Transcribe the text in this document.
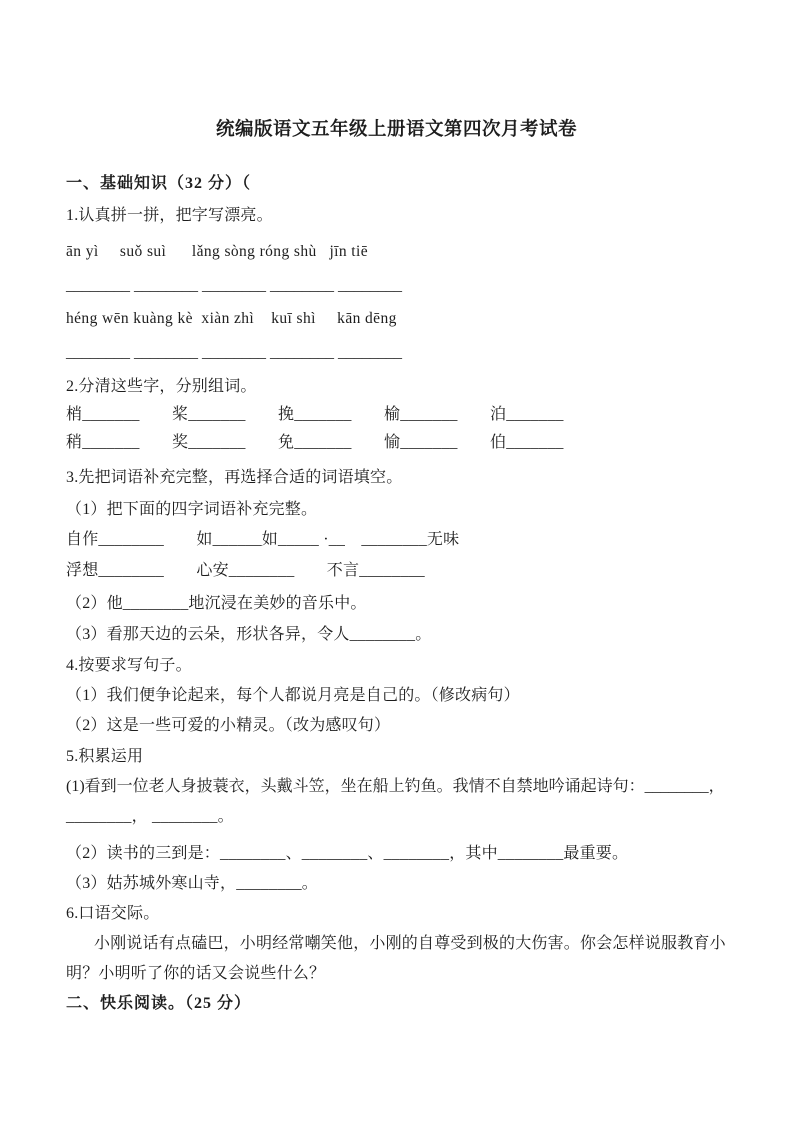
统编版语文五年级上册语文第四次月考试卷
一、基础知识（32 分）（
1.认真拼一拼，把字写漂亮。
ān yì     suǒ suì      lǎng sòng róng shù   jīn tiē
________ ________ ________ ________ ________
héng wēn kuàng kè  xiàn zhì    kuī shì     kān dēng
________ ________ ________ ________ ________
2.分清这些字，分别组词。
梢_______　　桨_______　　挽_______　　榆_______　　泊_______
稍_______　　奖_______　　免_______　　愉_______　　伯_______
3.先把词语补充完整，再选择合适的词语填空。
（1）把下面的四字词语补充完整。
自作________　　如______如_____ ·__　________无味
浮想________　　心安________　　不言________
（2）他________地沉浸在美妙的音乐中。
（3）看那天边的云朵，形状各异，令人________。
4.按要求写句子。
（1）我们便争论起来，每个人都说月亮是自己的。（修改病句）
（2）这是一些可爱的小精灵。（改为感叹句）
5.积累运用
(1)看到一位老人身披蓑衣，头戴斗笠，坐在船上钓鱼。我情不自禁地吟诵起诗句：________，
________， ________。
（2）读书的三到是：________、________、________，其中________最重要。
（3）姑苏城外寒山寺，________。
6.口语交际。
小刚说话有点磕巴，小明经常嘲笑他，小刚的自尊受到极的大伤害。你会怎样说服教育小
明？小明听了你的话又会说些什么？
二、快乐阅读。（25 分）
